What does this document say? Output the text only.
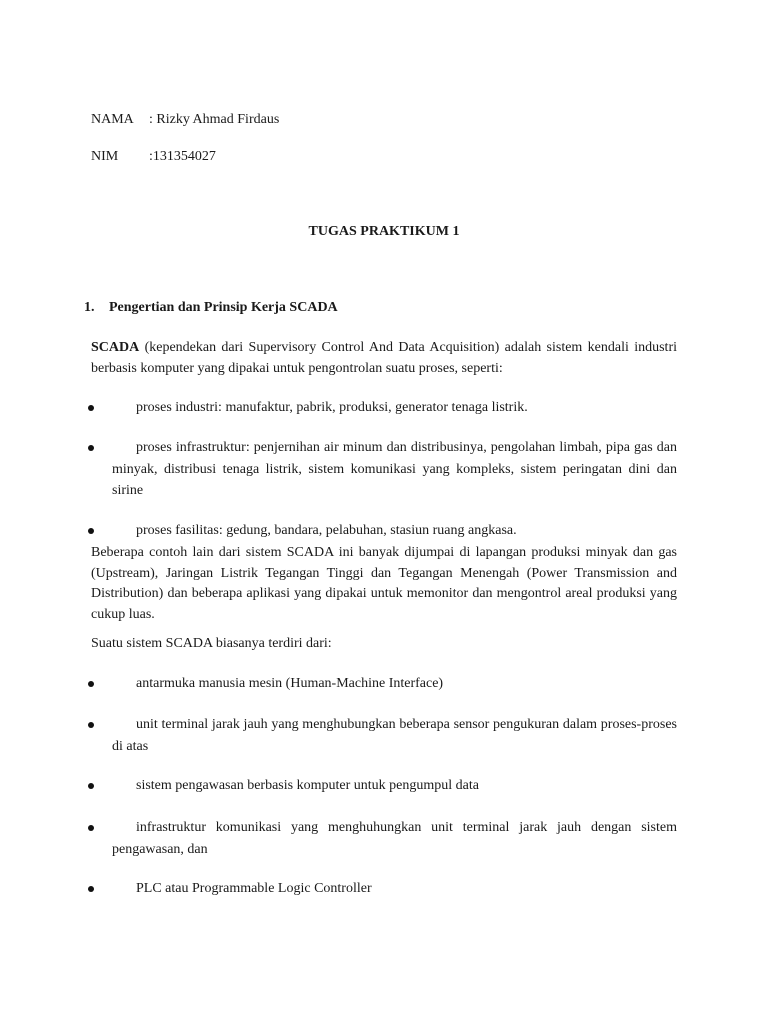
NAMA : Rizky Ahmad Firdaus
NIM :131354027
TUGAS PRAKTIKUM 1
1. Pengertian dan Prinsip Kerja SCADA
SCADA (kependekan dari Supervisory Control And Data Acquisition) adalah sistem kendali industri berbasis komputer yang dipakai untuk pengontrolan suatu proses, seperti:
proses industri: manufaktur, pabrik, produksi, generator tenaga listrik.
proses infrastruktur: penjernihan air minum dan distribusinya, pengolahan limbah, pipa gas dan minyak, distribusi tenaga listrik, sistem komunikasi yang kompleks, sistem peringatan dini dan sirine
proses fasilitas: gedung, bandara, pelabuhan, stasiun ruang angkasa.
Beberapa contoh lain dari sistem SCADA ini banyak dijumpai di lapangan produksi minyak dan gas (Upstream), Jaringan Listrik Tegangan Tinggi dan Tegangan Menengah (Power Transmission and Distribution) dan beberapa aplikasi yang dipakai untuk memonitor dan mengontrol areal produksi yang cukup luas.
Suatu sistem SCADA biasanya terdiri dari:
antarmuka manusia mesin (Human-Machine Interface)
unit terminal jarak jauh yang menghubungkan beberapa sensor pengukuran dalam proses-proses di atas
sistem pengawasan berbasis komputer untuk pengumpul data
infrastruktur komunikasi yang menghuhungkan unit terminal jarak jauh dengan sistem pengawasan, dan
PLC atau Programmable Logic Controller
